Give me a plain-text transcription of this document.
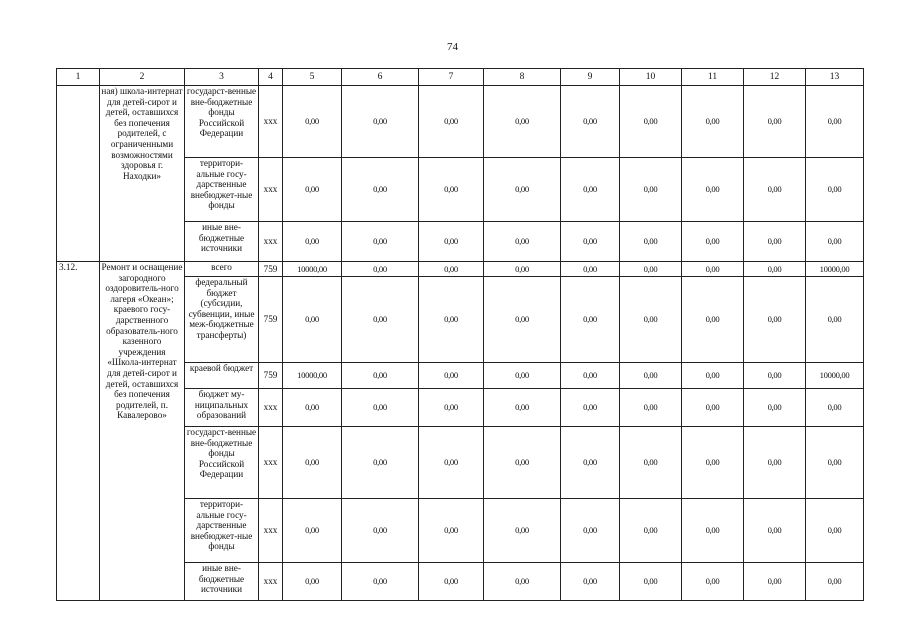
74
1	2	3	4	5	6	7	8	9	10	11	12	13
	ная) школа-интернат для детей-сирот и детей, оставшихся без попечения родителей, с ограниченными возможностями здоровья г. Находки»	государст-венные вне-бюджетные фонды Российской Федерации	ххх	0,00	0,00	0,00	0,00	0,00	0,00	0,00	0,00	0,00
		территори-альные госу-дарственные внебюджет-ные фонды	ххх	0,00	0,00	0,00	0,00	0,00	0,00	0,00	0,00	0,00
		иные вне-бюджетные источники	ххх	0,00	0,00	0,00	0,00	0,00	0,00	0,00	0,00	0,00
3.12.	Ремонт и оснащение загородного оздоровитель-ного лагеря «Океан»; краевого госу-дарственного образователь-ного казенного учреждения «Школа-интернат для детей-сирот и детей, оставшихся без попечения родителей, п. Кавалерово»	всего	759	10000,00	0,00	0,00	0,00	0,00	0,00	0,00	0,00	10000,00
		федеральный бюджет (субсидии, субвенции, иные меж-бюджетные трансферты)	759	0,00	0,00	0,00	0,00	0,00	0,00	0,00	0,00	0,00
		краевой бюджет	759	10000,00	0,00	0,00	0,00	0,00	0,00	0,00	0,00	10000,00
		бюджет му-ниципальных образований	ххх	0,00	0,00	0,00	0,00	0,00	0,00	0,00	0,00	0,00
		государст-венные вне-бюджетные фонды Российской Федерации	ххх	0,00	0,00	0,00	0,00	0,00	0,00	0,00	0,00	0,00
		территори-альные госу-дарственные внебюджет-ные фонды	ххх	0,00	0,00	0,00	0,00	0,00	0,00	0,00	0,00	0,00
		иные вне-бюджетные источники	ххх	0,00	0,00	0,00	0,00	0,00	0,00	0,00	0,00	0,00
